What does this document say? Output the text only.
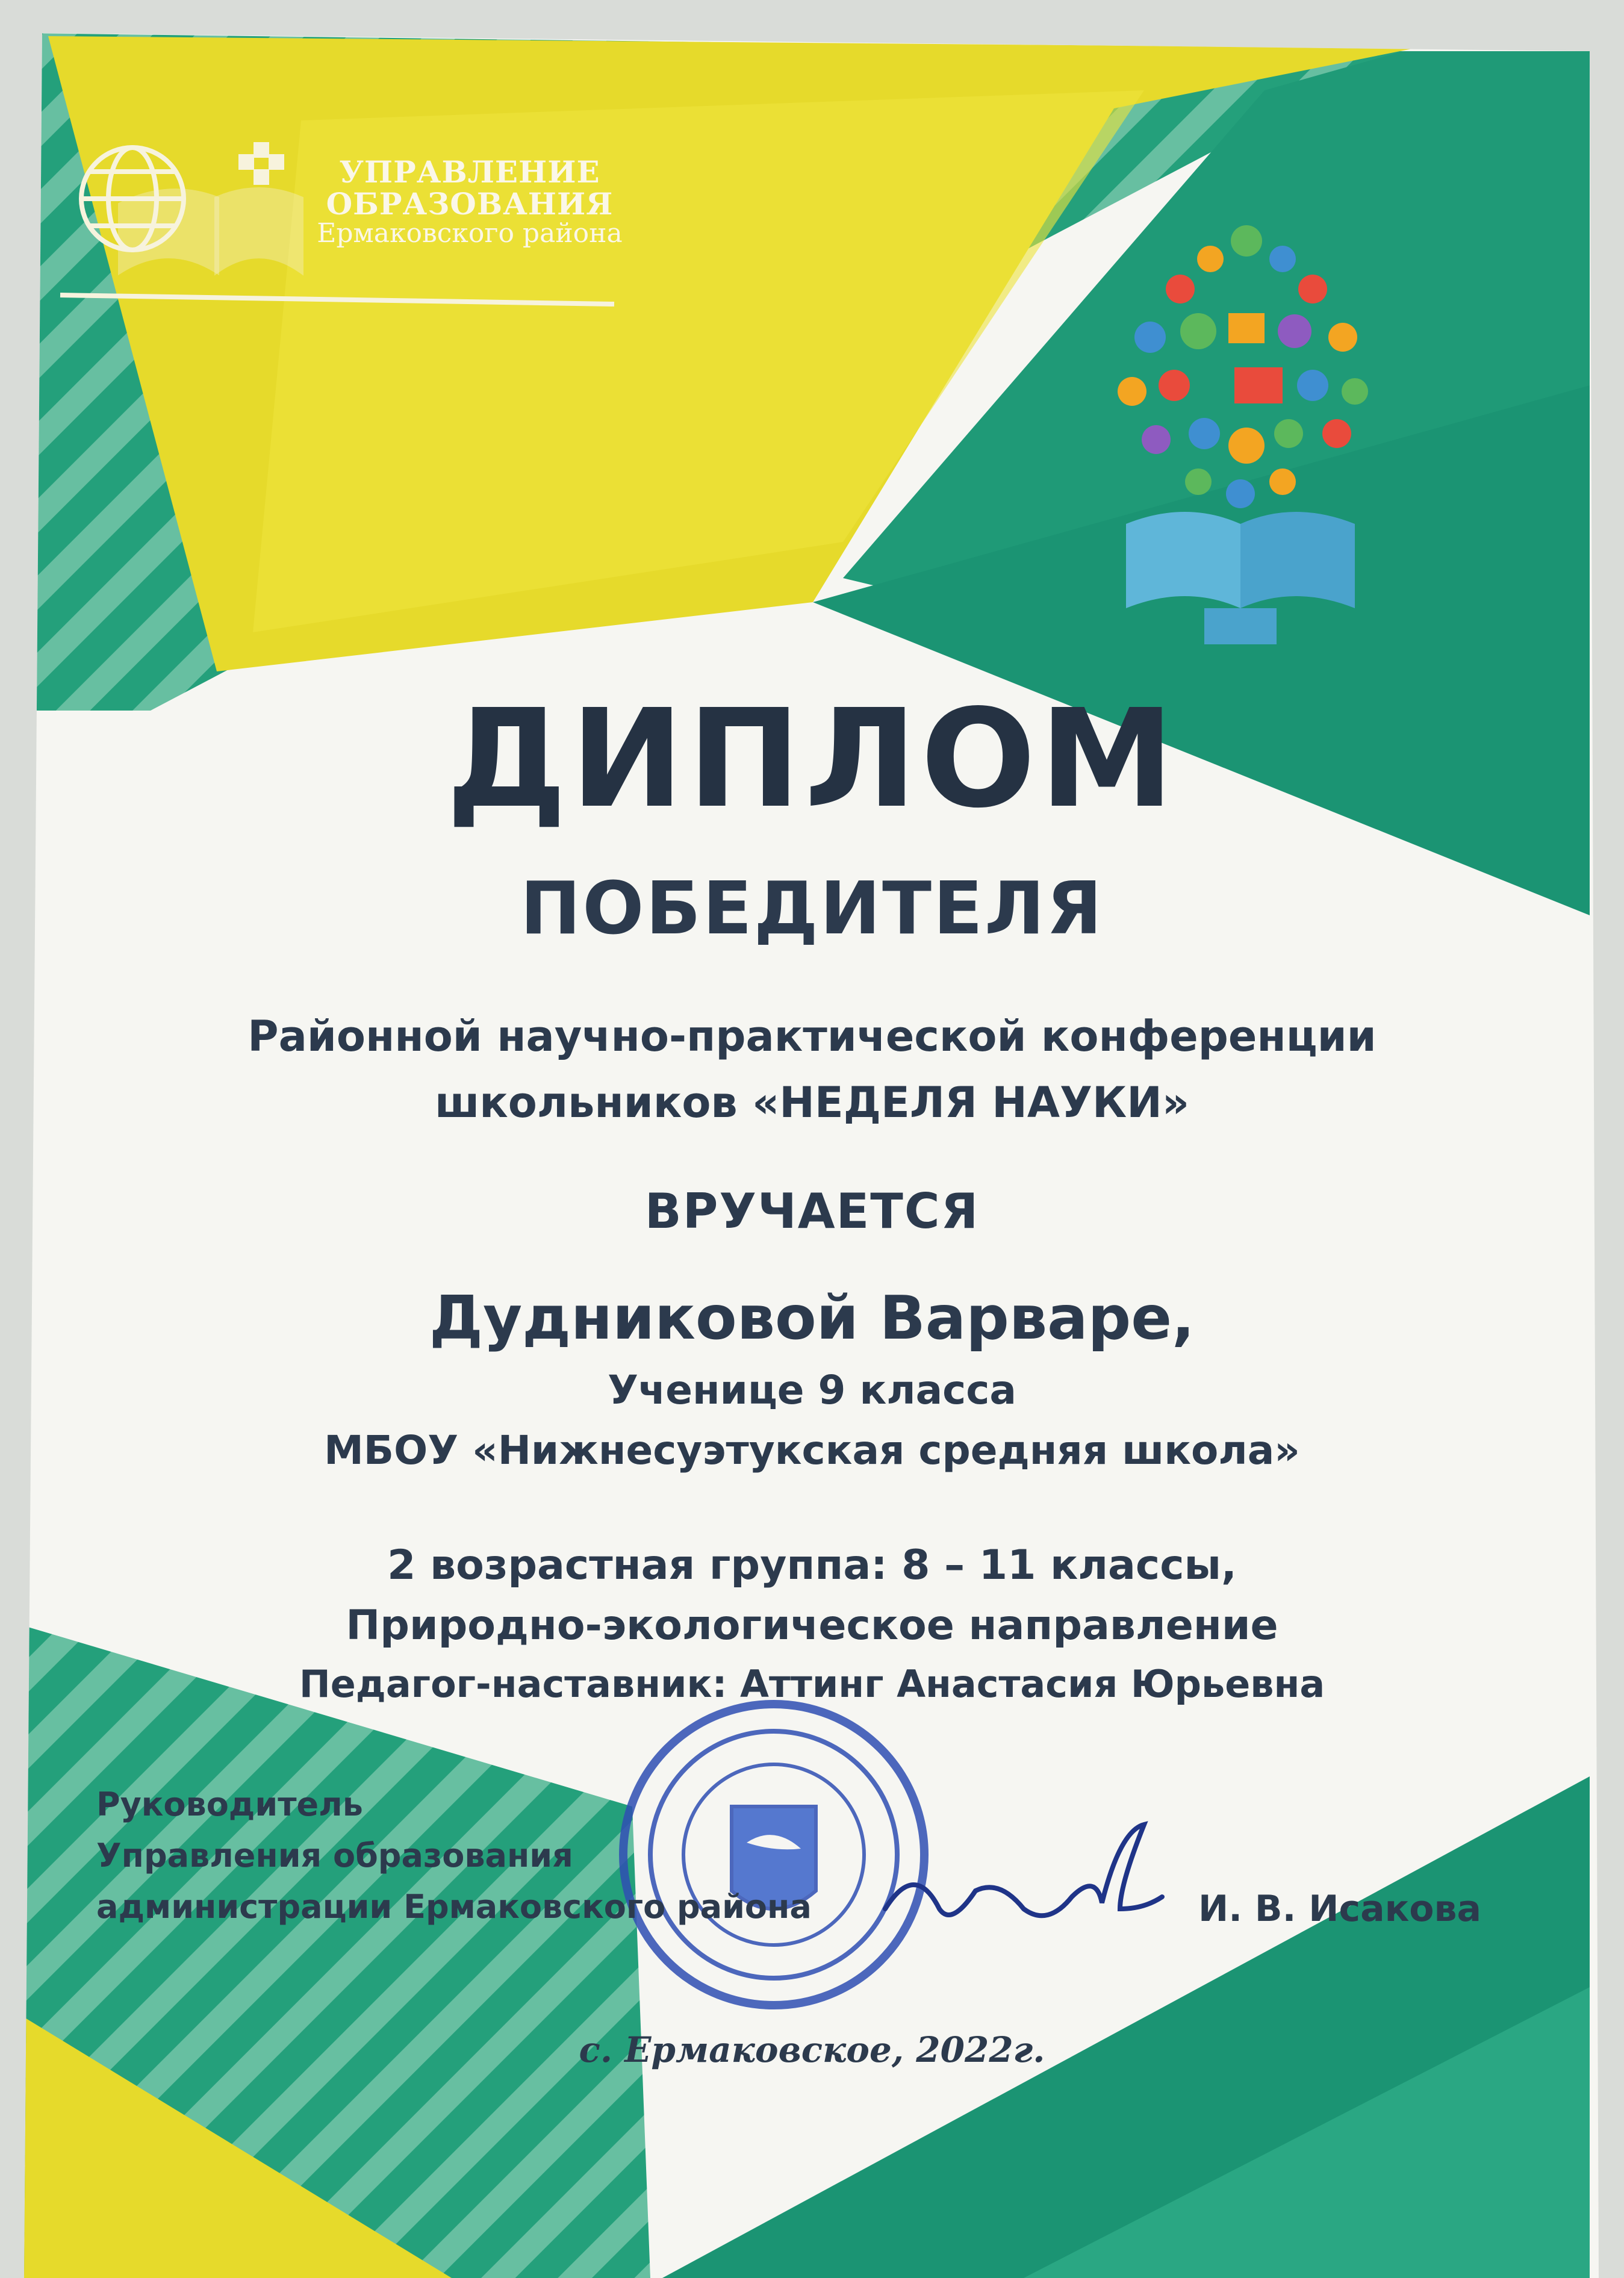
УПРАВЛЕНИЕ
ОБРАЗОВАНИЯ
Ермаковского района
ДИПЛОМ
ПОБЕДИТЕЛЯ
Районной научно-практической конференции
школьников «НЕДЕЛЯ НАУКИ»
ВРУЧАЕТСЯ
Дудниковой Варваре,
Ученице 9 класса
МБОУ «Нижнесуэтукская средняя школа»
2 возрастная группа: 8 – 11 классы,
Природно-экологическое направление
Педагог-наставник: Аттинг Анастасия Юрьевна
Руководитель
Управления образования
администрации Ермаковского района	И. В. Исакова
с. Ермаковское, 2022г.
